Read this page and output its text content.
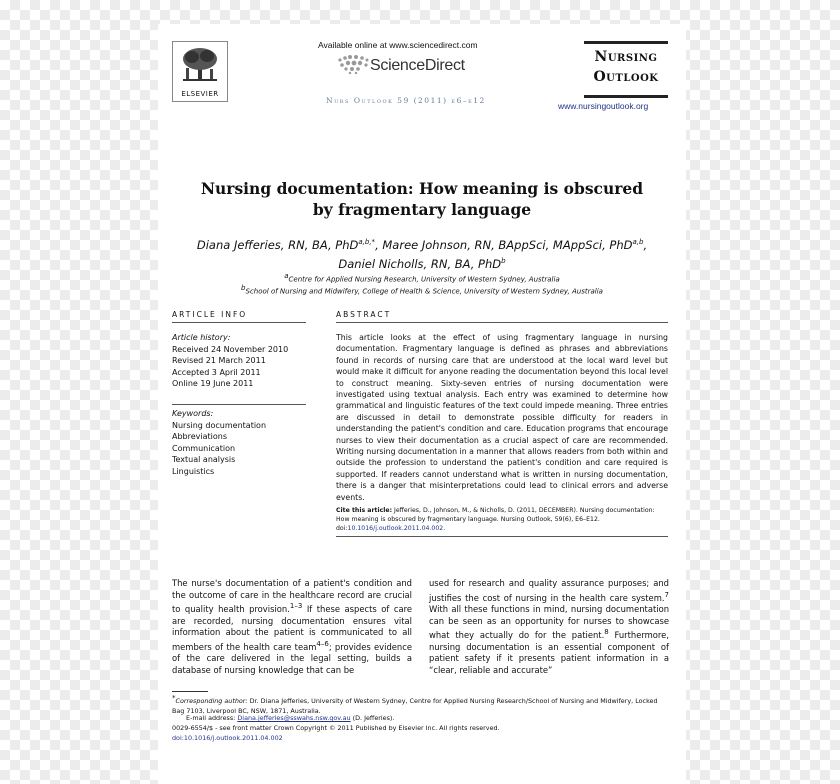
ELSEVIER
Available online at www.sciencedirect.com
ScienceDirect
Nurs Outlook 59 (2011) e6–e12
Nursing
Outlook
www.nursingoutlook.org
Nursing documentation: How meaning is obscured
by fragmentary language
Diana Jefferies, RN, BA, PhD$^{a,b,*}$, Maree Johnson, RN, BAppSci, MAppSci, PhD$^{a,b}$,
Daniel Nicholls, RN, BA, PhD$^b$
$^a$Centre for Applied Nursing Research, University of Western Sydney, Australia
$^b$School of Nursing and Midwifery, College of Health & Science, University of Western Sydney, Australia
ARTICLE INFO
Article history:
Received 24 November 2010
Revised 21 March 2011
Accepted 3 April 2011
Online 19 June 2011
Keywords:
Nursing documentation
Abbreviations
Communication
Textual analysis
Linguistics
ABSTRACT
This article looks at the effect of using fragmentary language in nursing documentation. Fragmentary language is defined as phrases and abbreviations found in records of nursing care that are understood at the local ward level but would make it difficult for anyone reading the documentation beyond this local level to construct meaning. Sixty-seven entries of nursing documentation were investigated using textual analysis. Each entry was examined to determine how grammatical and linguistic features of the text could impede meaning. Three entries are discussed in detail to demonstrate possible difficulty for readers in understanding the patient's condition and care. Education programs that encourage nurses to view their documentation as a crucial aspect of care are recommended. Writing nursing documentation in a manner that allows readers from both within and outside the profession to understand the patient's condition and care required is supported. If readers cannot understand what is written in nursing documentation, there is a danger that misinterpretations could lead to clinical errors and adverse events.
Cite this article: Jefferies, D., Johnson, M., & Nicholls, D. (2011, DECEMBER). Nursing documentation: How meaning is obscured by fragmentary language. Nursing Outlook, 59(6), E6–E12. doi:10.1016/j.outlook.2011.04.002.
The nurse's documentation of a patient's condition and the outcome of care in the healthcare record are crucial to quality health provision.$^{1-3}$ If these aspects of care are recorded, nursing documentation ensures vital information about the patient is communicated to all members of the health care team$^{4-6}$; provides evidence of the care delivered in the legal setting, builds a database of nursing knowledge that can be
used for research and quality assurance purposes; and justifies the cost of nursing in the health care system.$^7$ With all these functions in mind, nursing documentation can be seen as an opportunity for nurses to showcase what they actually do for the patient.$^8$ Furthermore, nursing documentation is an essential component of patient safety if it presents patient information in a “clear, reliable and accurate”
*Corresponding author: Dr. Diana Jefferies, University of Western Sydney, Centre for Applied Nursing Research/School of Nursing and Midwifery, Locked Bag 7103, Liverpool BC, NSW, 1871, Australia.
E-mail address: Diana.jefferies@sswahs.nsw.gov.au (D. Jefferies).
0029-6554/$ - see front matter Crown Copyright © 2011 Published by Elsevier Inc. All rights reserved.
doi:10.1016/j.outlook.2011.04.002
